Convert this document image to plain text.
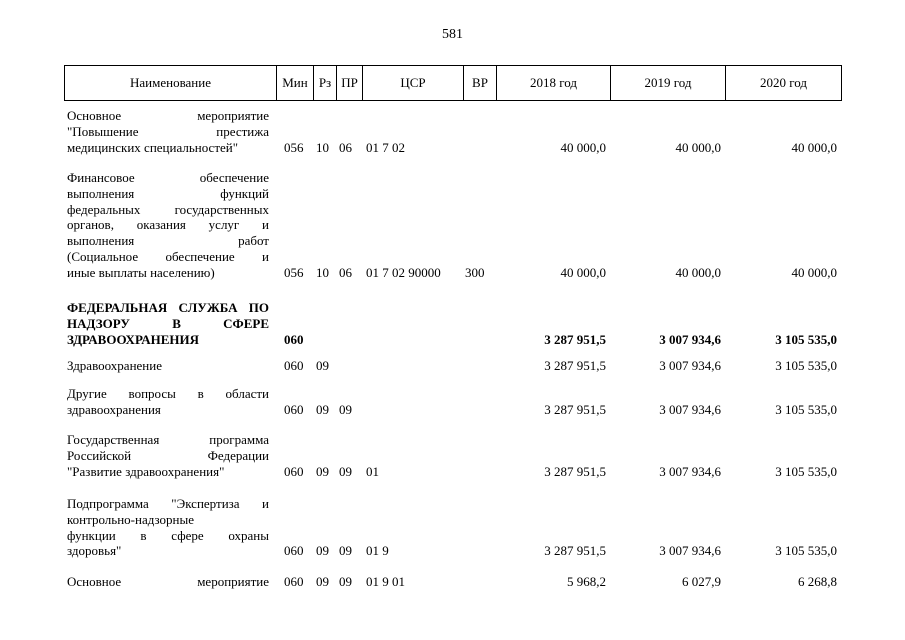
581
Наименование	Мин Рз ПР	ЦСР	ВР	2018 год	2019 год	2020 год
Основное мероприятие
"Повышение престижа
медицинских специальностей"	056 10 06 01 7 02	40 000,0	40 000,0	40 000,0
Финансовое обеспечение
выполнения функций
федеральных государственных
органов, оказания услуг и
выполнения работ
(Социальное обеспечение и
иные выплаты населению)	056 10 06 01 7 02 90000 300	40 000,0	40 000,0	40 000,0
ФЕДЕРАЛЬНАЯ СЛУЖБА ПО
НАДЗОРУ В СФЕРЕ
ЗДРАВООХРАНЕНИЯ	060	3 287 951,5	3 007 934,6	3 105 535,0
Здравоохранение	060 09	3 287 951,5	3 007 934,6	3 105 535,0
Другие вопросы в области
здравоохранения	060 09 09	3 287 951,5	3 007 934,6	3 105 535,0
Государственная программа
Российской Федерации
"Развитие здравоохранения"	060 09 09 01	3 287 951,5	3 007 934,6	3 105 535,0
Подпрограмма "Экспертиза и
контрольно-надзорные
функции в сфере охраны
здоровья"	060 09 09 01 9	3 287 951,5	3 007 934,6	3 105 535,0
Основное мероприятие 060 09 09 01 9 01	5 968,2	6 027,9	6 268,8
